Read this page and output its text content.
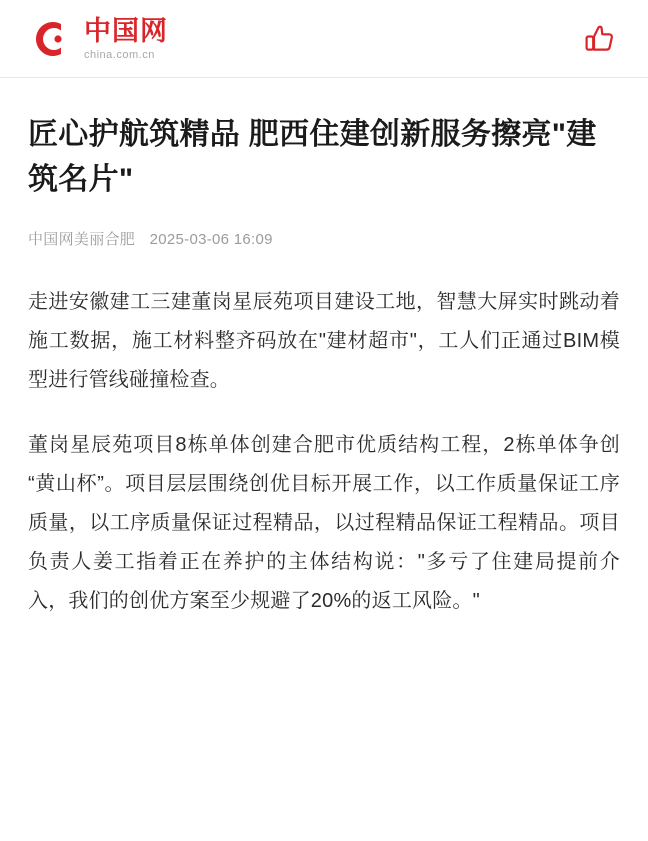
中国网
china.com.cn
匠心护航筑精品 肥西住建创新服务擦亮"建筑名片"
中国网美丽合肥 2025-03-06 16:09

走进安徽建工三建董岗星辰苑项目建设工地，智慧大屏实时跳动着施工数据，施工材料整齐码放在"建材超市"，工人们正通过BIM模型进行管线碰撞检查。

董岗星辰苑项目8栋单体创建合肥市优质结构工程，2栋单体争创“黄山杯”。项目层层围绕创优目标开展工作，以工作质量保证工序质量，以工序质量保证过程精品，以过程精品保证工程精品。项目负责人姜工指着正在养护的主体结构说："多亏了住建局提前介入，我们的创优方案至少规避了20%的返工风险。"
